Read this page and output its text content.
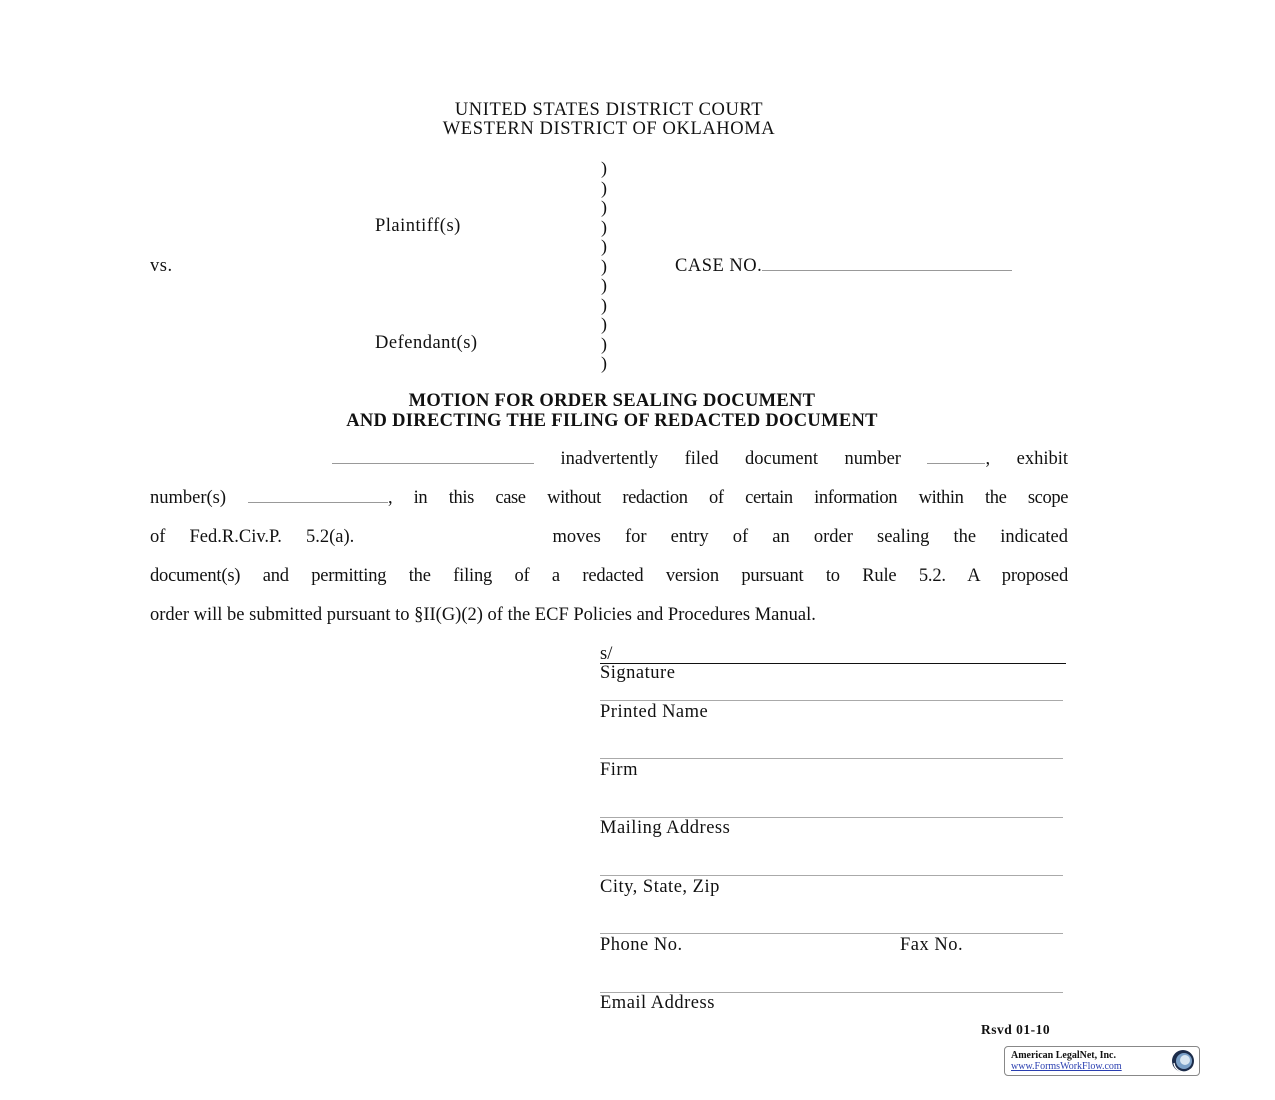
UNITED STATES DISTRICT COURT
WESTERN DISTRICT OF OKLAHOMA
Plaintiff(s)
vs.
Defendant(s)
)
)
)
)
)
)
)
)
)
)
)
CASE NO.
MOTION FOR ORDER SEALING DOCUMENT
AND DIRECTING THE FILING OF REDACTED DOCUMENT
inadvertently filed document number	, exhibit
number(s)	, in this case without redaction of certain information within the scope
of Fed.R.Civ.P. 5.2(a).	moves for entry of an order sealing the indicated
document(s) and permitting the filing of a redacted version pursuant to Rule 5.2. A proposed
order will be submitted pursuant to §II(G)(2) of the ECF Policies and Procedures Manual.
s/
Signature
Printed Name
Firm
Mailing Address
City, State, Zip
Phone No.	Fax No.
Email Address
Rsvd 01-10
American LegalNet, Inc.
www.FormsWorkFlow.com
